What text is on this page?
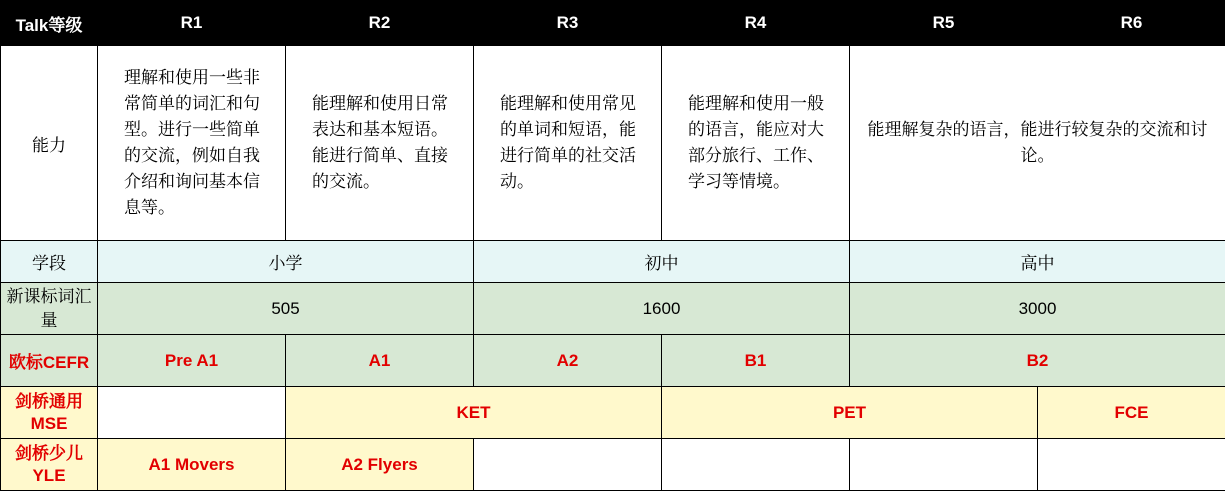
Talk等级	R1	R2	R3	R4	R5	R6
能力	理解和使用一些非常简单的词汇和句型。进行一些简单的交流，例如自我介绍和询问基本信息等。	能理解和使用日常表达和基本短语。能进行简单、直接的交流。	能理解和使用常见的单词和短语，能进行简单的社交活动。	能理解和使用一般的语言，能应对大部分旅行、工作、学习等情境。	能理解复杂的语言，能进行较复杂的交流和讨论。	
学段	小学		初中		高中	
新课标词汇量	505		1600		3000	
欧标CEFR	Pre A1	A1	A2	B1	B2	
剑桥通用MSE		KET	PET	FCE
剑桥少儿YLE	A1 Movers	A2 Flyers				
